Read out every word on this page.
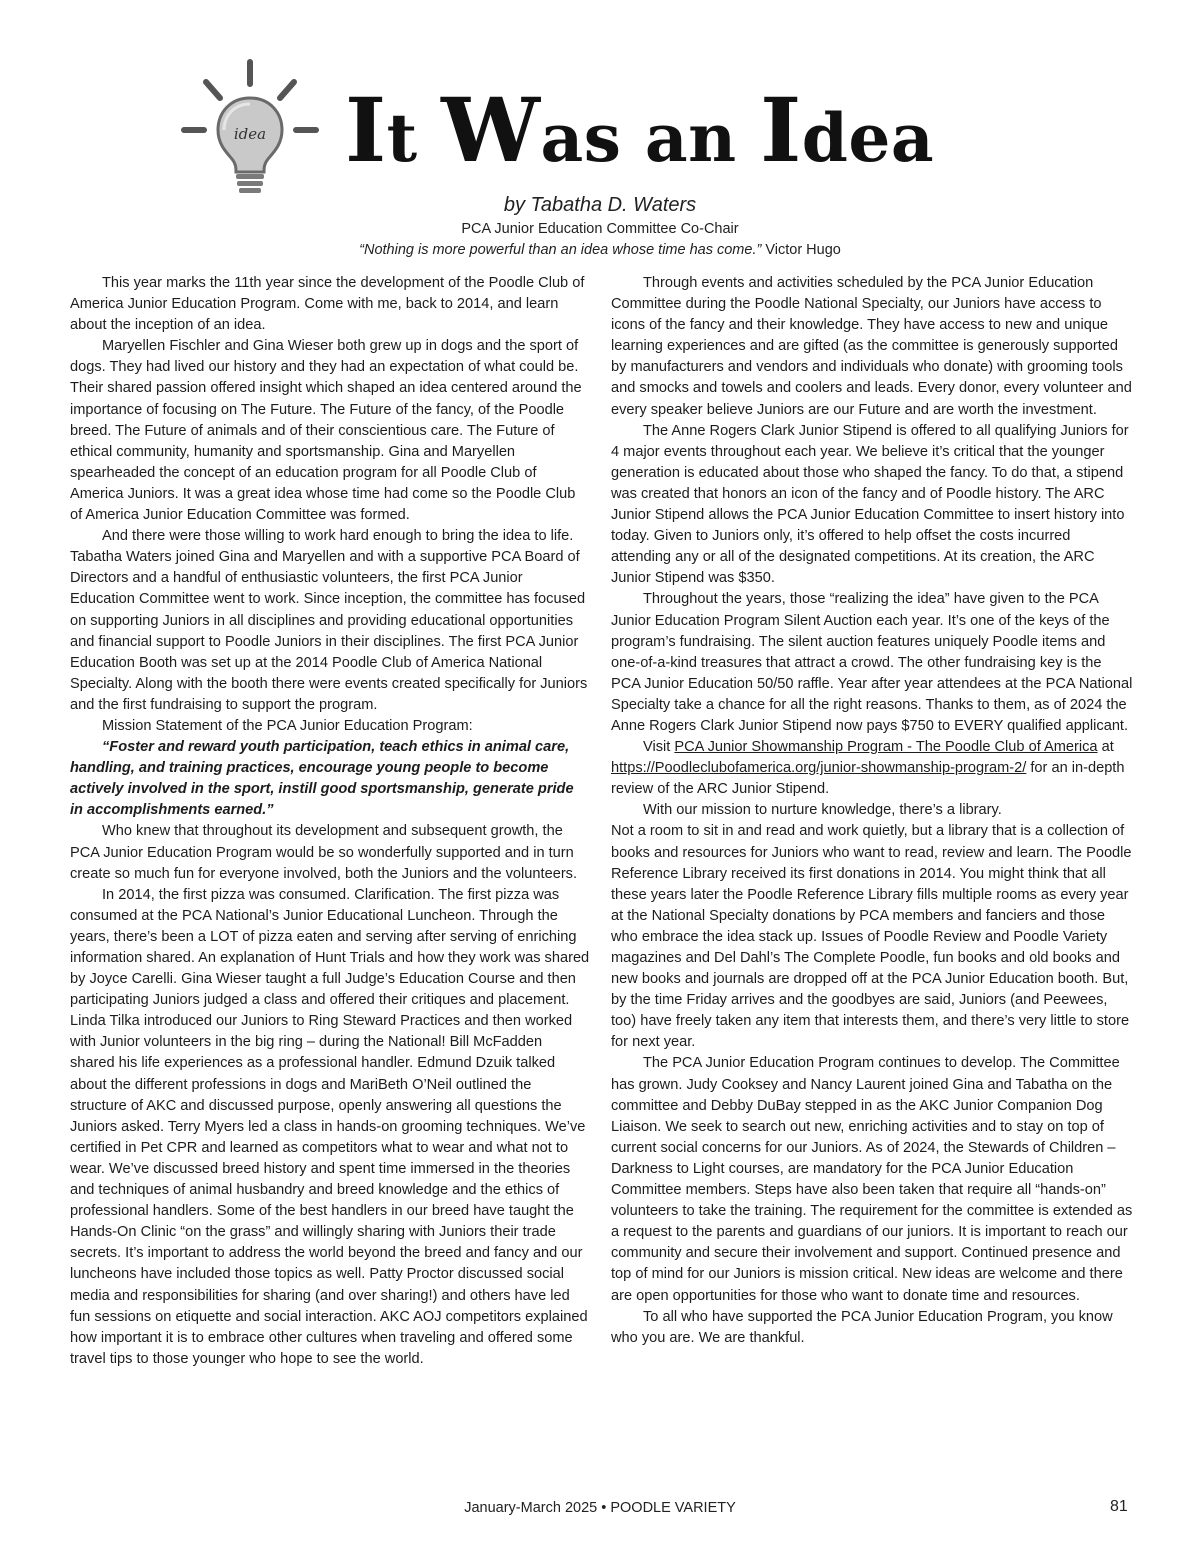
idea It Was an Idea
by Tabatha D. Waters
PCA Junior Education Committee Co-Chair
“Nothing is more powerful than an idea whose time has come.” Victor Hugo

This year marks the 11th year since the development of the Poodle Club of America Junior Education Program. Come with me, back to 2014, and learn about the inception of an idea.

Maryellen Fischler and Gina Wieser both grew up in dogs and the sport of dogs. They had lived our history and they had an expectation of what could be. Their shared passion offered insight which shaped an idea centered around the importance of focusing on The Future. The Future of the fancy, of the Poodle breed. The Future of animals and of their conscientious care. The Future of ethical community, humanity and sportsmanship. Gina and Maryellen spearheaded the concept of an education program for all Poodle Club of America Juniors. It was a great idea whose time had come so the Poodle Club of America Junior Education Committee was formed.

And there were those willing to work hard enough to bring the idea to life. Tabatha Waters joined Gina and Maryellen and with a supportive PCA Board of Directors and a handful of enthusiastic volunteers, the first PCA Junior Education Committee went to work. Since inception, the committee has focused on supporting Juniors in all disciplines and providing educational opportunities and financial support to Poodle Juniors in their disciplines. The first PCA Junior Education Booth was set up at the 2014 Poodle Club of America National Specialty. Along with the booth there were events created specifically for Juniors and the first fundraising to support the program.

Mission Statement of the PCA Junior Education Program:

“Foster and reward youth participation, teach ethics in animal care, handling, and training practices, encourage young people to become actively involved in the sport, instill good sportsmanship, generate pride in accomplishments earned.”

Who knew that throughout its development and subsequent growth, the PCA Junior Education Program would be so wonderfully supported and in turn create so much fun for everyone involved, both the Juniors and the volunteers.

In 2014, the first pizza was consumed. Clarification. The first pizza was consumed at the PCA National’s Junior Educational Luncheon. Through the years, there’s been a LOT of pizza eaten and serving after serving of enriching information shared. An explanation of Hunt Trials and how they work was shared by Joyce Carelli. Gina Wieser taught a full Judge’s Education Course and then participating Juniors judged a class and offered their critiques and placement. Linda Tilka introduced our Juniors to Ring Steward Practices and then worked with Junior volunteers in the big ring – during the National! Bill McFadden shared his life experiences as a professional handler. Edmund Dzuik talked about the different professions in dogs and MariBeth O’Neil outlined the structure of AKC and discussed purpose, openly answering all questions the Juniors asked. Terry Myers led a class in hands-on grooming techniques. We’ve certified in Pet CPR and learned as competitors what to wear and what not to wear. We’ve discussed breed history and spent time immersed in the theories and techniques of animal husbandry and breed knowledge and the ethics of professional handlers. Some of the best handlers in our breed have taught the Hands-On Clinic “on the grass” and willingly sharing with Juniors their trade secrets. It’s important to address the world beyond the breed and fancy and our luncheons have included those topics as well. Patty Proctor discussed social media and responsibilities for sharing (and over sharing!) and others have led fun sessions on etiquette and social interaction. AKC AOJ competitors explained how important it is to embrace other cultures when traveling and offered some travel tips to those younger who hope to see the world.

Through events and activities scheduled by the PCA Junior Education Committee during the Poodle National Specialty, our Juniors have access to icons of the fancy and their knowledge. They have access to new and unique learning experiences and are gifted (as the committee is generously supported by manufacturers and vendors and individuals who donate) with grooming tools and smocks and towels and coolers and leads. Every donor, every volunteer and every speaker believe Juniors are our Future and are worth the investment.

The Anne Rogers Clark Junior Stipend is offered to all qualifying Juniors for 4 major events throughout each year. We believe it’s critical that the younger generation is educated about those who shaped the fancy. To do that, a stipend was created that honors an icon of the fancy and of Poodle history. The ARC Junior Stipend allows the PCA Junior Education Committee to insert history into today. Given to Juniors only, it’s offered to help offset the costs incurred attending any or all of the designated competitions. At its creation, the ARC Junior Stipend was $350.

Throughout the years, those “realizing the idea” have given to the PCA Junior Education Program Silent Auction each year. It’s one of the keys of the program’s fundraising. The silent auction features uniquely Poodle items and one-of-a-kind treasures that attract a crowd. The other fundraising key is the PCA Junior Education 50/50 raffle. Year after year attendees at the PCA National Specialty take a chance for all the right reasons. Thanks to them, as of 2024 the Anne Rogers Clark Junior Stipend now pays $750 to EVERY qualified applicant.

Visit PCA Junior Showmanship Program - The Poodle Club of America at https://Poodleclubofamerica.org/junior-showmanship-program-2/ for an in-depth review of the ARC Junior Stipend.

With our mission to nurture knowledge, there’s a library.

Not a room to sit in and read and work quietly, but a library that is a collection of books and resources for Juniors who want to read, review and learn. The Poodle Reference Library received its first donations in 2014. You might think that all these years later the Poodle Reference Library fills multiple rooms as every year at the National Specialty donations by PCA members and fanciers and those who embrace the idea stack up. Issues of Poodle Review and Poodle Variety magazines and Del Dahl’s The Complete Poodle, fun books and old books and new books and journals are dropped off at the PCA Junior Education booth. But, by the time Friday arrives and the goodbyes are said, Juniors (and Peewees, too) have freely taken any item that interests them, and there’s very little to store for next year.

The PCA Junior Education Program continues to develop. The Committee has grown. Judy Cooksey and Nancy Laurent joined Gina and Tabatha on the committee and Debby DuBay stepped in as the AKC Junior Companion Dog Liaison. We seek to search out new, enriching activities and to stay on top of current social concerns for our Juniors. As of 2024, the Stewards of Children – Darkness to Light courses, are mandatory for the PCA Junior Education Committee members. Steps have also been taken that require all “hands-on” volunteers to take the training. The requirement for the committee is extended as a request to the parents and guardians of our juniors. It is important to reach our community and secure their involvement and support. Continued presence and top of mind for our Juniors is mission critical. New ideas are welcome and there are open opportunities for those who want to donate time and resources.

To all who have supported the PCA Junior Education Program, you know who you are. We are thankful.

January-March 2025 • POODLE VARIETY	81
